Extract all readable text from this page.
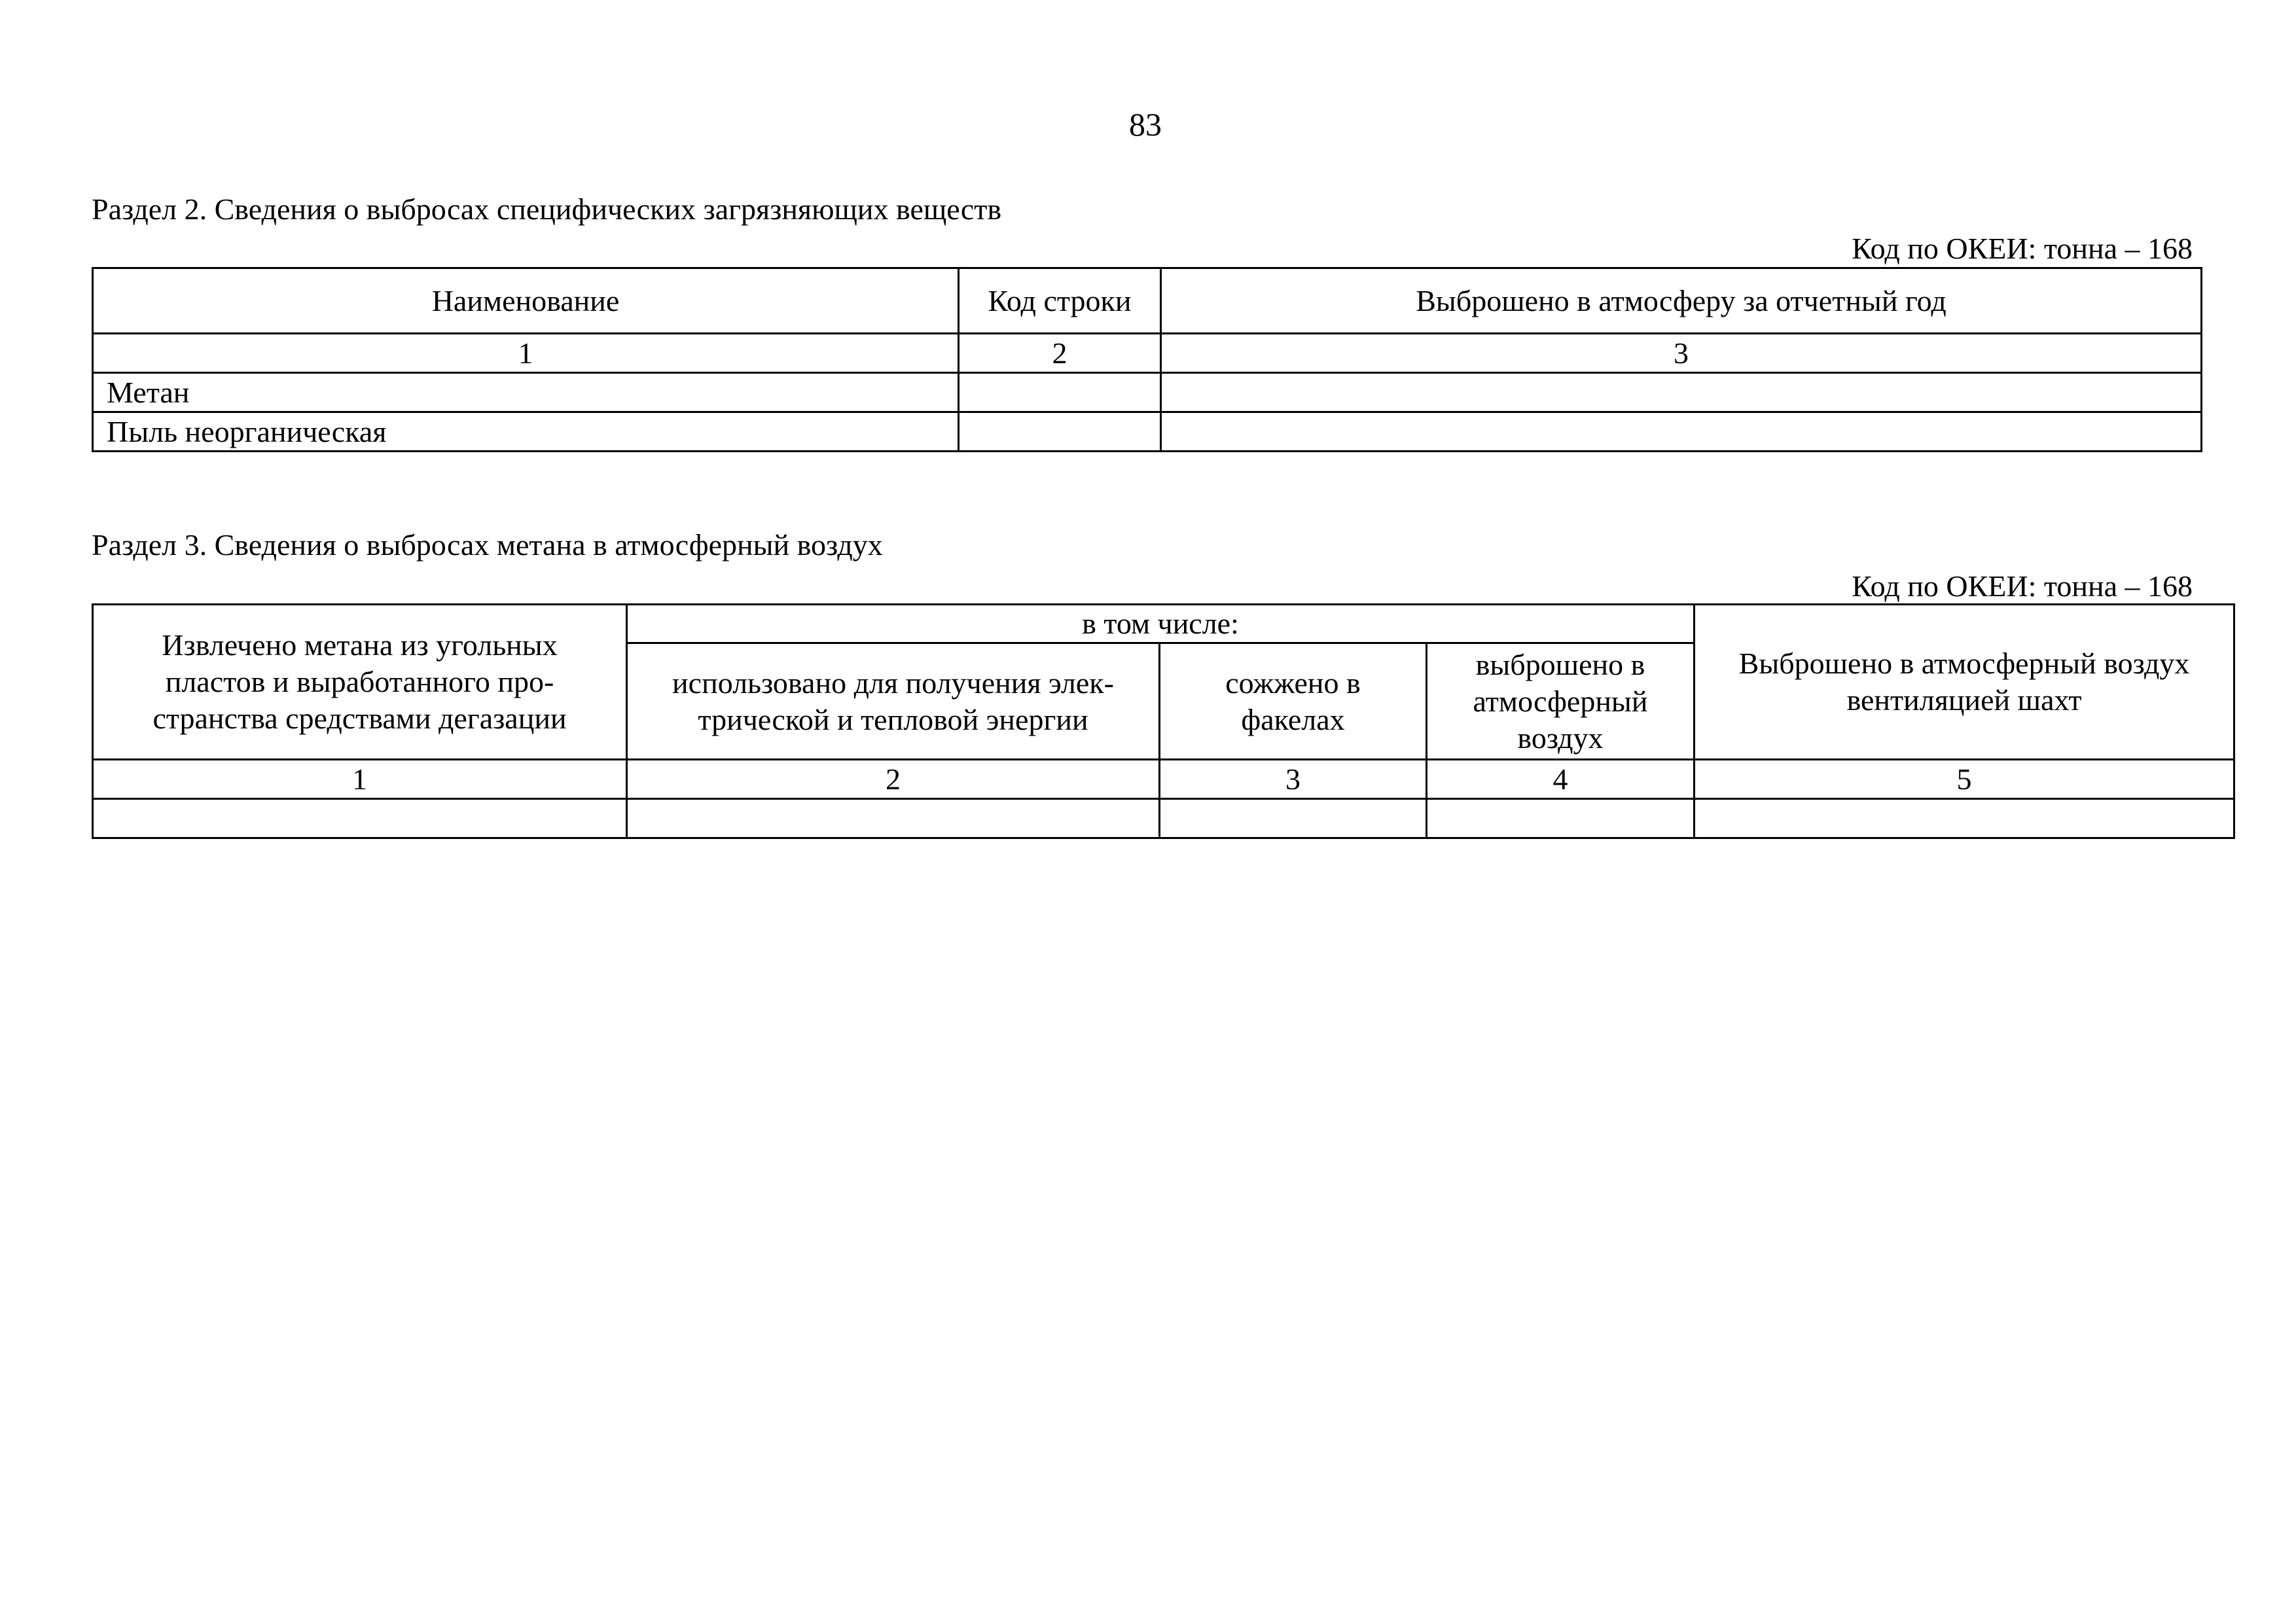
83
Раздел 2. Сведения о выбросах специфических загрязняющих веществ
Код по ОКЕИ: тонна – 168
Наименование	Код строки	Выброшено в атмосферу за отчетный год
1	2	3
Метан		
Пыль неорганическая		
Раздел 3. Сведения о выбросах метана в атмосферный воздух
Код по ОКЕИ: тонна – 168
Извлечено метана из угольных пластов и выработанного про-странства средствами дегазации	в том числе:			Выброшено в атмосферный воздух вентиляцией шахт
	использовано для получения элек-трической и тепловой энергии	сожжено в факелах	выброшено в атмосферный воздух	
1	2	3	4	5
